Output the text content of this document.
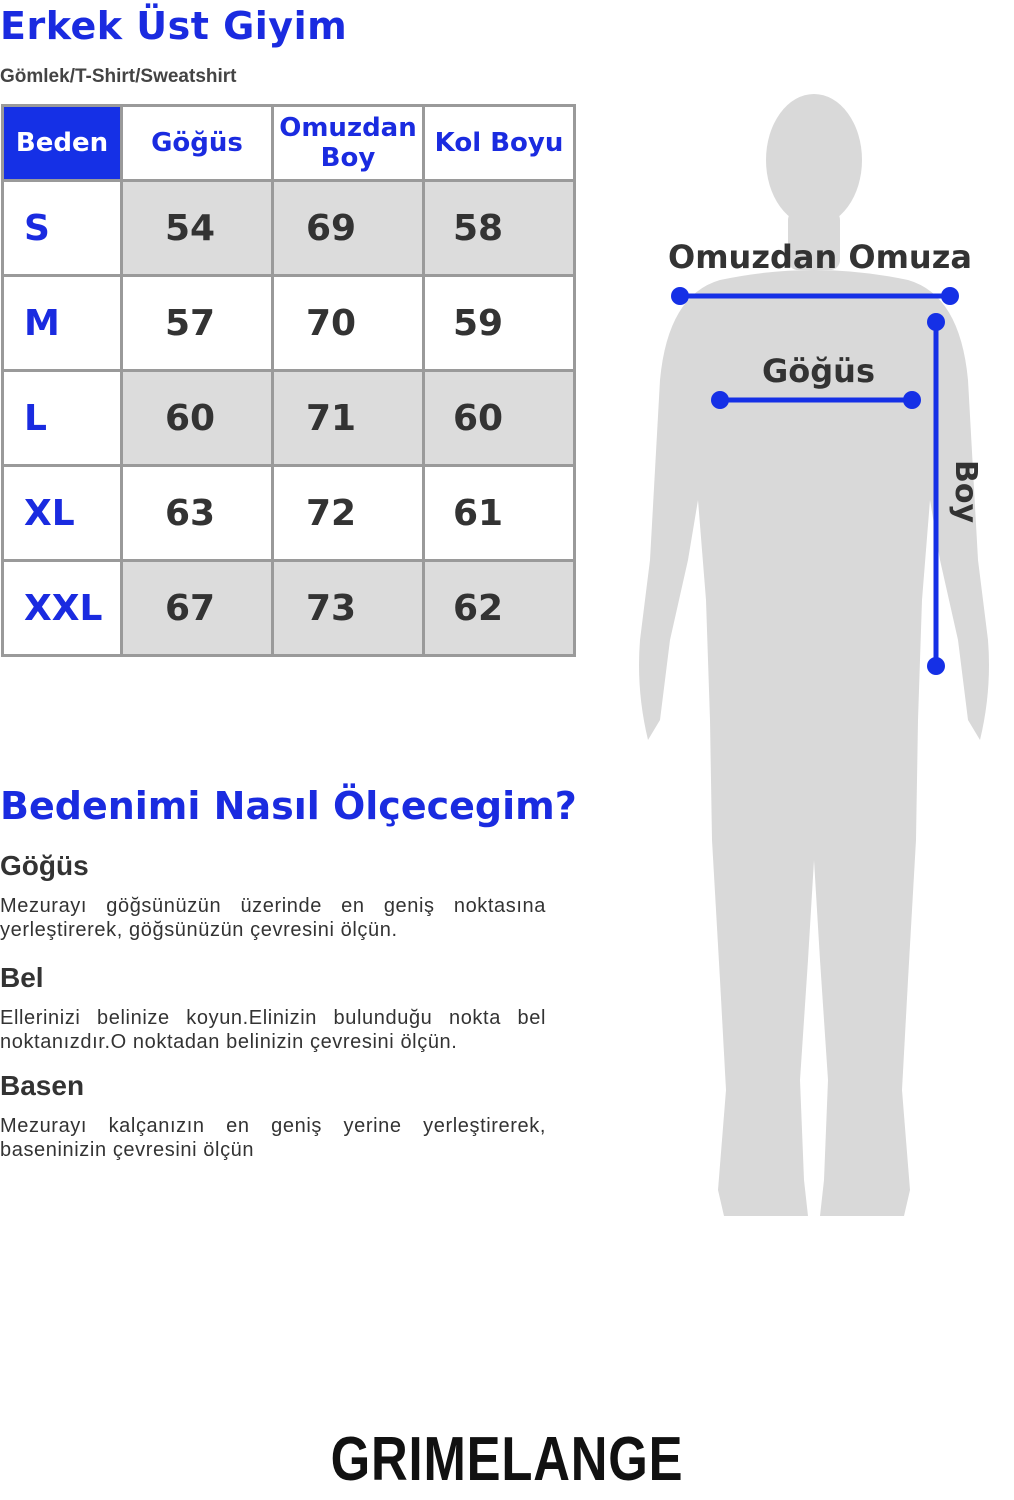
Erkek Üst Giyim
Gömlek/T-Shirt/Sweatshirt
Beden	Göğüs	Omuzdan Boy	Kol Boyu
S	54	69	58
M	57	70	59
L	60	71	60
XL	63	72	61
XXL	67	73	62
Omuzdan Omuza
Göğüs
Boy
Bedenimi Nasıl Ölçecegim?
Göğüs
Mezurayı göğsünüzün üzerinde en geniş noktasına yerleştirerek, göğsünüzün çevresini ölçün.
Bel
Ellerinizi belinize koyun.Elinizin bulunduğu nokta bel noktanızdır.O noktadan belinizin çevresini ölçün.
Basen
Mezurayı kalçanızın en geniş yerine yerleştirerek, baseninizin çevresini ölçün
GRIMELANGE
